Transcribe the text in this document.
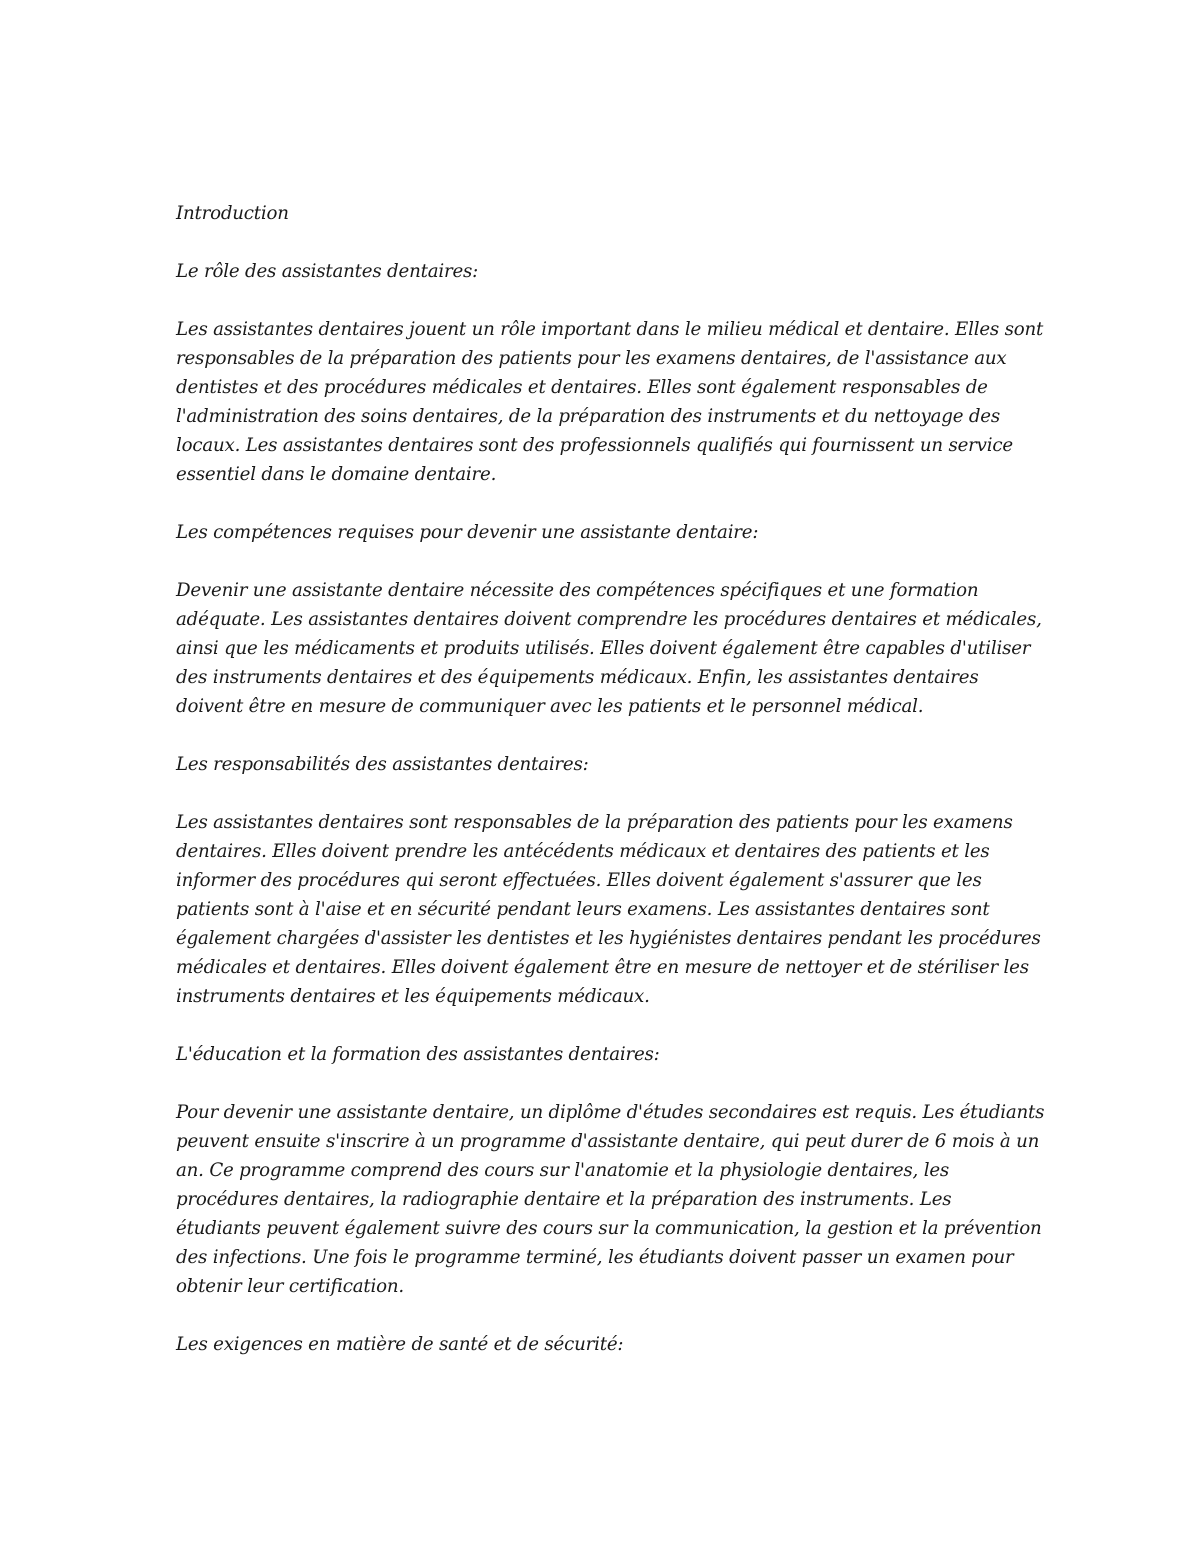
Introduction

Le rôle des assistantes dentaires:

Les assistantes dentaires jouent un rôle important dans le milieu médical et dentaire. Elles sont
responsables de la préparation des patients pour les examens dentaires, de l'assistance aux
dentistes et des procédures médicales et dentaires. Elles sont également responsables de
l'administration des soins dentaires, de la préparation des instruments et du nettoyage des
locaux. Les assistantes dentaires sont des professionnels qualifiés qui fournissent un service
essentiel dans le domaine dentaire.

Les compétences requises pour devenir une assistante dentaire:

Devenir une assistante dentaire nécessite des compétences spécifiques et une formation
adéquate. Les assistantes dentaires doivent comprendre les procédures dentaires et médicales,
ainsi que les médicaments et produits utilisés. Elles doivent également être capables d'utiliser
des instruments dentaires et des équipements médicaux. Enfin, les assistantes dentaires
doivent être en mesure de communiquer avec les patients et le personnel médical.

Les responsabilités des assistantes dentaires:

Les assistantes dentaires sont responsables de la préparation des patients pour les examens
dentaires. Elles doivent prendre les antécédents médicaux et dentaires des patients et les
informer des procédures qui seront effectuées. Elles doivent également s'assurer que les
patients sont à l'aise et en sécurité pendant leurs examens. Les assistantes dentaires sont
également chargées d'assister les dentistes et les hygiénistes dentaires pendant les procédures
médicales et dentaires. Elles doivent également être en mesure de nettoyer et de stériliser les
instruments dentaires et les équipements médicaux.

L'éducation et la formation des assistantes dentaires:

Pour devenir une assistante dentaire, un diplôme d'études secondaires est requis. Les étudiants
peuvent ensuite s'inscrire à un programme d'assistante dentaire, qui peut durer de 6 mois à un
an. Ce programme comprend des cours sur l'anatomie et la physiologie dentaires, les
procédures dentaires, la radiographie dentaire et la préparation des instruments. Les
étudiants peuvent également suivre des cours sur la communication, la gestion et la prévention
des infections. Une fois le programme terminé, les étudiants doivent passer un examen pour
obtenir leur certification.

Les exigences en matière de santé et de sécurité:
